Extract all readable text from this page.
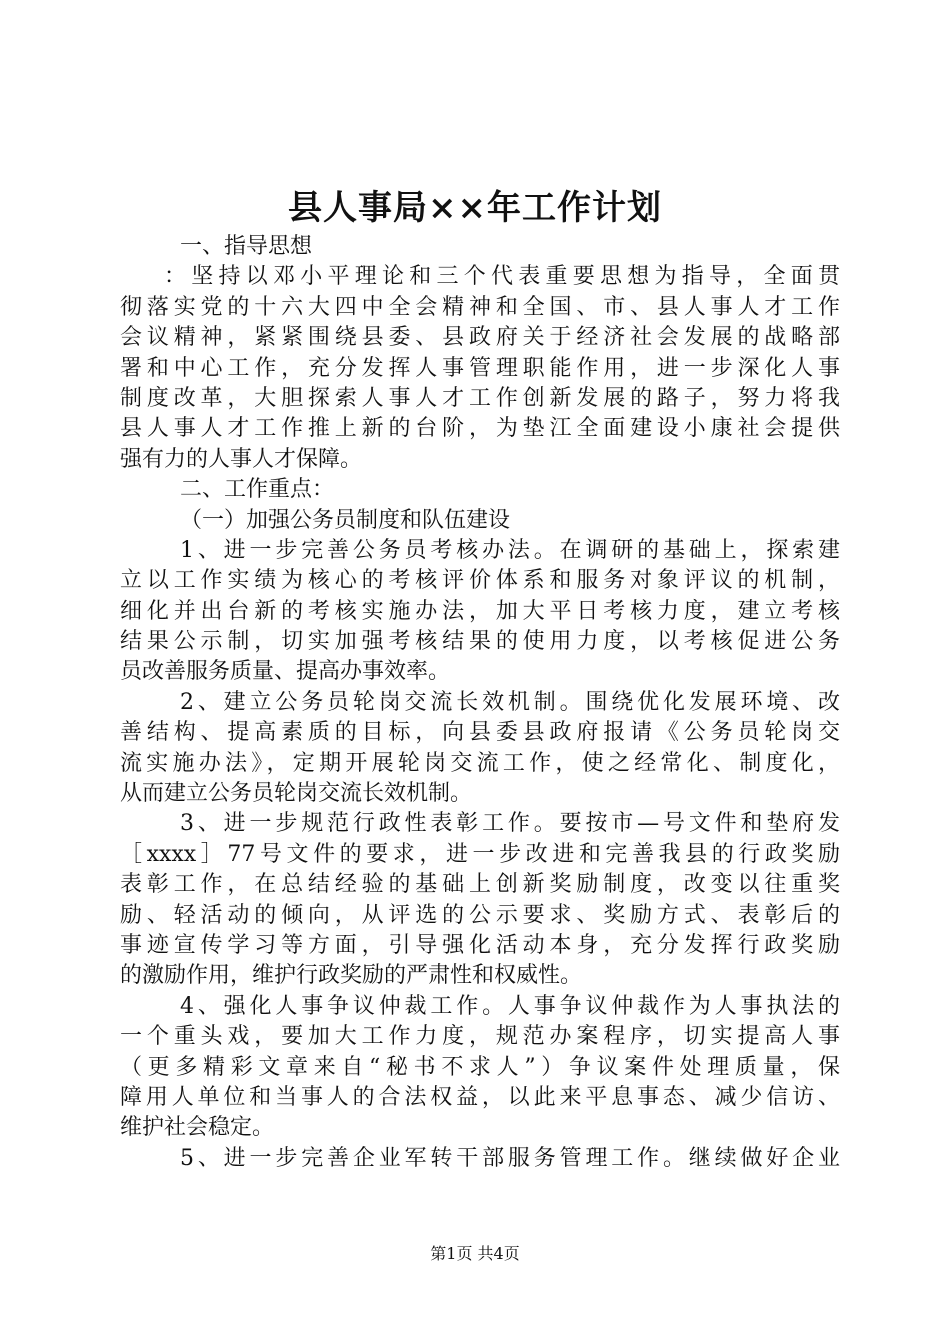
县人事局××年工作计划
一、指导思想
：坚持以邓小平理论和三个代表重要思想为指导，全面贯
彻落实党的十六大四中全会精神和全国、市、县人事人才工作
会议精神，紧紧围绕县委、县政府关于经济社会发展的战略部
署和中心工作，充分发挥人事管理职能作用，进一步深化人事
制度改革，大胆探索人事人才工作创新发展的路子，努力将我
县人事人才工作推上新的台阶，为垫江全面建设小康社会提供
强有力的人事人才保障。
二、工作重点：
（一）加强公务员制度和队伍建设
1、进一步完善公务员考核办法。在调研的基础上，探索建
立以工作实绩为核心的考核评价体系和服务对象评议的机制，
细化并出台新的考核实施办法，加大平日考核力度，建立考核
结果公示制，切实加强考核结果的使用力度，以考核促进公务
员改善服务质量、提高办事效率。
2、建立公务员轮岗交流长效机制。围绕优化发展环境、改
善结构、提高素质的目标，向县委县政府报请《公务员轮岗交
流实施办法》，定期开展轮岗交流工作，使之经常化、制度化，
从而建立公务员轮岗交流长效机制。
3、进一步规范行政性表彰工作。要按市—号文件和垫府发
［xxxx］77号文件的要求，进一步改进和完善我县的行政奖励
表彰工作，在总结经验的基础上创新奖励制度，改变以往重奖
励、轻活动的倾向，从评选的公示要求、奖励方式、表彰后的
事迹宣传学习等方面，引导强化活动本身，充分发挥行政奖励
的激励作用，维护行政奖励的严肃性和权威性。
4、强化人事争议仲裁工作。人事争议仲裁作为人事执法的
一个重头戏，要加大工作力度，规范办案程序，切实提高人事
（更多精彩文章来自“秘书不求人”）争议案件处理质量，保
障用人单位和当事人的合法权益，以此来平息事态、减少信访、
维护社会稳定。
5、进一步完善企业军转干部服务管理工作。继续做好企业
第1页 共4页
